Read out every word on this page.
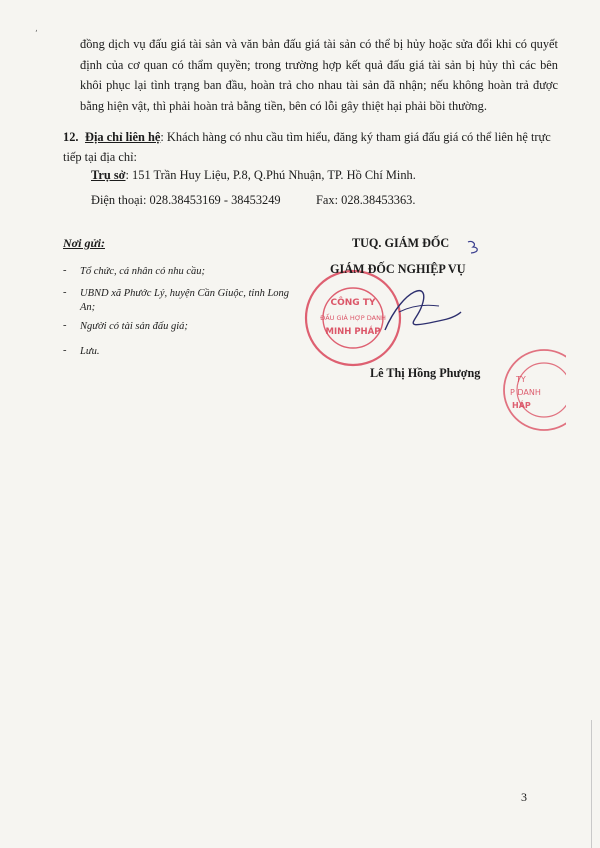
,
đồng dịch vụ đấu giá tài sản và văn bản đấu giá tài sản có thể bị hủy hoặc sửa đổi khi có quyết định của cơ quan có thẩm quyền; trong trường hợp kết quả đấu giá tài sản bị hủy thì các bên khôi phục lại tình trạng ban đầu, hoàn trả cho nhau tài sản đã nhận; nếu không hoàn trả được bằng hiện vật, thì phải hoàn trả bằng tiền, bên có lỗi gây thiệt hại phải bồi thường.
12. Địa chỉ liên hệ: Khách hàng có nhu cầu tìm hiểu, đăng ký tham giá đấu giá có thể liên hệ trực tiếp tại địa chỉ:
Trụ sở: 151 Trần Huy Liệu, P.8, Q.Phú Nhuận, TP. Hồ Chí Minh.
Điện thoại: 028.38453169 - 38453249	Fax: 028.38453363.
Nơi gửi:
- Tổ chức, cá nhân có nhu cầu;
- UBND xã Phước Lý, huyện Cần Giuộc, tỉnh Long An;
- Người có tài sản đấu giá;
- Lưu.
TUQ. GIÁM ĐỐC
CÔNG TY
ĐẤU GIÁ HỢP DANH
MINH PHÁP
GIÁM ĐỐC NGHIỆP VỤ
TY
P DANH
HÁP
Lê Thị Hồng Phượng
3
